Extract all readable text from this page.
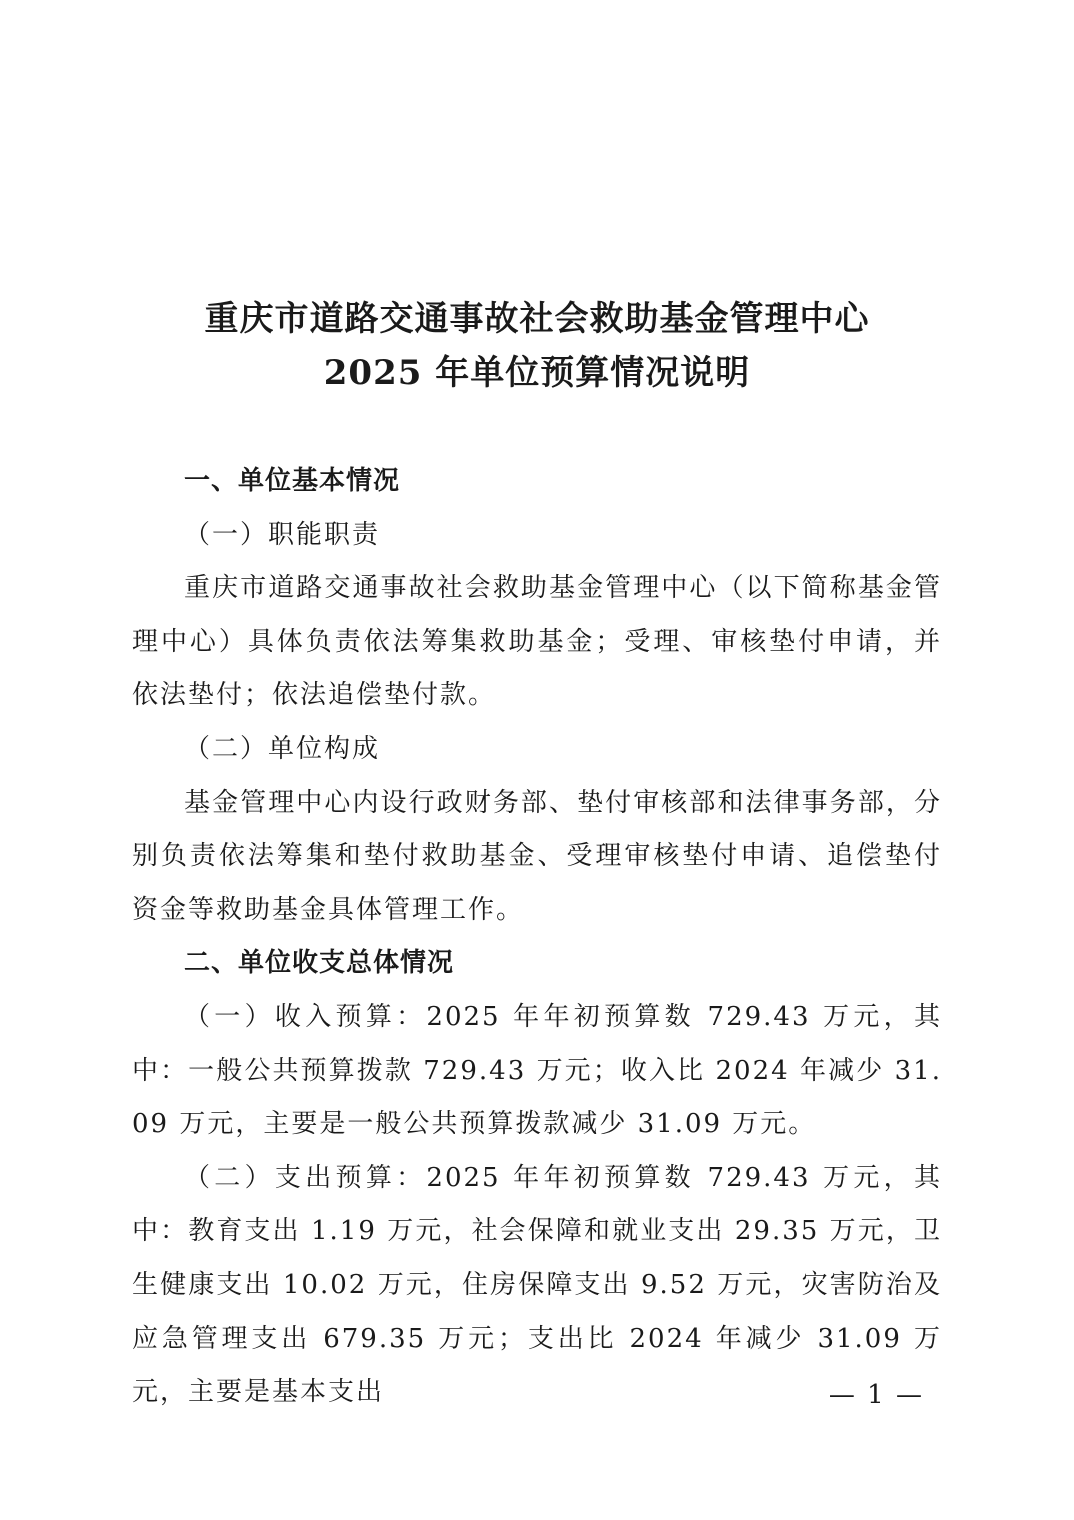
重庆市道路交通事故社会救助基金管理中心
2025 年单位预算情况说明

一、单位基本情况

（一）职能职责

重庆市道路交通事故社会救助基金管理中心（以下简称基金管理中心）具体负责依法筹集救助基金；受理、审核垫付申请，并依法垫付；依法追偿垫付款。

（二）单位构成

基金管理中心内设行政财务部、垫付审核部和法律事务部，分别负责依法筹集和垫付救助基金、受理审核垫付申请、追偿垫付资金等救助基金具体管理工作。

二、单位收支总体情况

（一）收入预算：2025 年年初预算数 729.43 万元，其中：一般公共预算拨款 729.43 万元；收入比 2024 年减少 31.09 万元，主要是一般公共预算拨款减少 31.09 万元。

（二）支出预算：2025 年年初预算数 729.43 万元，其中：教育支出 1.19 万元，社会保障和就业支出 29.35 万元，卫生健康支出 10.02 万元，住房保障支出 9.52 万元，灾害防治及应急管理支出 679.35 万元；支出比 2024 年减少 31.09 万元，主要是基本支出	— 1 —
